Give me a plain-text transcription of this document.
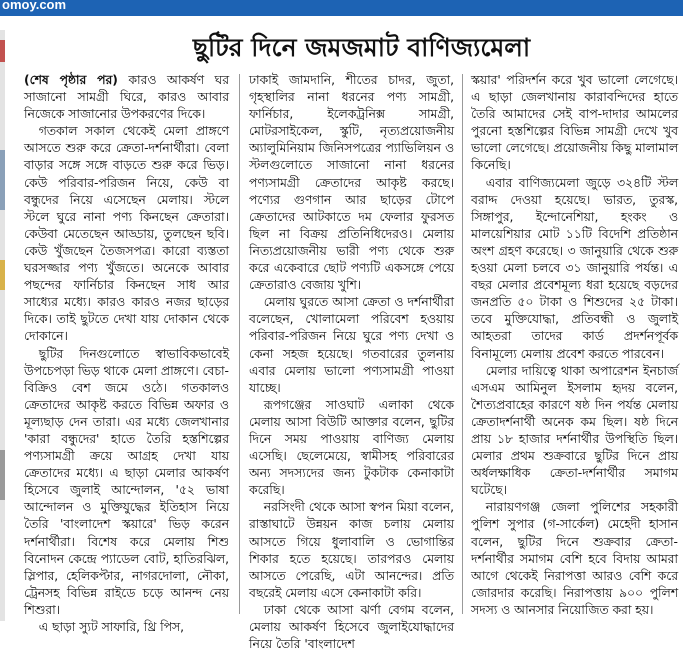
omoy.com
ছুটির দিনে জমজমাট বাণিজ্যমেলা

(শেষ পৃষ্ঠার পর) কারও আকর্ষণ ঘর সাজানো সামগ্রী ঘিরে, কারও আবার নিজেকে সাজানোর উপকরণের দিকে।

গতকাল সকাল থেকেই মেলা প্রাঙ্গণে আসতে শুরু করে ক্রেতা-দর্শনার্থীরা। বেলা বাড়ার সঙ্গে সঙ্গে বাড়তে শুরু করে ভিড়। কেউ পরিবার-পরিজন নিয়ে, কেউ বা বন্ধুদের নিয়ে এসেছেন মেলায়। স্টলে স্টলে ঘুরে নানা পণ্য কিনছেন ক্রেতারা। কেউবা মেতেছেন আড্ডায়, তুলছেন ছবি। কেউ খুঁজছেন তৈজসপত্র। কারো ব্যস্ততা ঘরসজ্জার পণ্য খুঁজতে। অনেকে আবার পছন্দের ফার্নিচার কিনছেন সাধ আর সাধ্যের মধ্যে। কারও কারও নজর ছাড়ের দিকে। তাই ছুটতে দেখা যায় দোকান থেকে দোকানে।

ছুটির দিনগুলোতে স্বাভাবিকভাবেই উপচেপড়া ভিড় থাকে মেলা প্রাঙ্গণে। বেচা-বিক্রিও বেশ জমে ওঠে। গতকালও ক্রেতাদের আকৃষ্ট করতে বিভিন্ন অফার ও মূল্যছাড় দেন তারা। এর মধ্যে জেলখানার 'কারা বন্ধুদের' হাতে তৈরি হস্তশিল্পের পণ্যসামগ্রী ক্রয়ে আগ্রহ দেখা যায় ক্রেতাদের মধ্যে। এ ছাড়া মেলার আকর্ষণ হিসেবে জুলাই আন্দোলন, '৫২ ভাষা আন্দোলন ও মুক্তিযুদ্ধের ইতিহাস নিয়ে তৈরি 'বাংলাদেশ স্কয়ারে' ভিড় করেন দর্শনার্থীরা। বিশেষ করে মেলায় শিশু বিনোদন কেন্দ্রে প্যাডেল বোট, হাতিরঝিল, স্লিপার, হেলিকপ্টার, নাগরদোলা, নৌকা, ট্রেনসহ বিভিন্ন রাইডে চড়ে আনন্দ নেয় শিশুরা।

এ ছাড়া স্যুট সাফারি, থ্রি পিস,

ঢাকাই জামদানি, শীতের চাদর, জুতা, গৃহস্থালির নানা ধরনের পণ্য সামগ্রী, ফার্নিচার, ইলেকট্রনিক্স সামগ্রী, মোটরসাইকেল, স্কুটি, নৃত্যপ্রয়োজনীয় অ্যালুমিনিয়াম জিনিসপত্রের প্যাভিলিয়ন ও স্টলগুলোতে সাজানো নানা ধরনের পণ্যসামগ্রী ক্রেতাদের আকৃষ্ট করছে। পণ্যের গুণগান আর ছাড়ের টোপে ক্রেতাদের আটকাতে দম ফেলার ফুরসত ছিল না বিক্রয় প্রতিনিধিদেরও। মেলায় নিত্যপ্রয়োজনীয় ভারী পণ্য থেকে শুরু করে একেবারে ছোট পণ্যটি একসঙ্গে পেয়ে ক্রেতারাও বেজায় খুশি।

মেলায় ঘুরতে আসা ক্রেতা ও দর্শনার্থীরা বলেছেন, খোলামেলা পরিবেশ হওয়ায় পরিবার-পরিজন নিয়ে ঘুরে পণ্য দেখা ও কেনা সহজ হয়েছে। গতবারের তুলনায় এবার মেলায় ভালো পণ্যসামগ্রী পাওয়া যাচ্ছে।

রূপগঞ্জের সাওঘাট এলাকা থেকে মেলায় আসা বিউটি আক্তার বলেন, ছুটির দিনে সময় পাওয়ায় বাণিজ্য মেলায় এসেছি। ছেলেমেয়ে, স্বামীসহ পরিবারের অন্য সদস্যদের জন্য টুকটাক কেনাকাটা করেছি।

নরসিংদী থেকে আসা স্বপন মিয়া বলেন, রাস্তাঘাটে উন্নয়ন কাজ চলায় মেলায় আসতে গিয়ে ধুলাবালি ও ভোগান্তির শিকার হতে হয়েছে। তারপরও মেলায় আসতে পেরেছি, এটা আনন্দের। প্রতি বছরেই মেলায় এসে কেনাকাটা করি।

ঢাকা থেকে আসা ঝর্ণা বেগম বলেন, মেলায় আকর্ষণ হিসেবে জুলাইযোদ্ধাদের নিয়ে তৈরি 'বাংলাদেশ

স্কয়ার' পরিদর্শন করে খুব ভালো লেগেছে। এ ছাড়া জেলখানায় কারাবন্দিদের হাতে তৈরি আমাদের সেই বাপ-দাদার আমলের পুরনো হস্তশিল্পের বিভিন্ন সামগ্রী দেখে খুব ভালো লেগেছে। প্রয়োজনীয় কিছু মালামাল কিনেছি।

এবার বাণিজ্যমেলা জুড়ে ৩২৪টি স্টল বরাদ্দ দেওয়া হয়েছে। ভারত, তুরস্ক, সিঙ্গাপুর, ইন্দোনেশিয়া, হংকং ও মালয়েশিয়ার মোট ১১টি বিদেশি প্রতিষ্ঠান অংশ গ্রহণ করেছে। ৩ জানুয়ারি থেকে শুরু হওয়া মেলা চলবে ৩১ জানুয়ারি পর্যন্ত। এ বছর মেলার প্রবেশমূল্য ধরা হয়েছে বড়দের জনপ্রতি ৫০ টাকা ও শিশুদের ২৫ টাকা। তবে মুক্তিযোদ্ধা, প্রতিবন্ধী ও জুলাই আহতরা তাদের কার্ড প্রদর্শনপূর্বক বিনামূল্যে মেলায় প্রবেশ করতে পারবেন।

মেলার দায়িত্বে থাকা অপারেশন ইনচার্জ এসএম আমিনুল ইসলাম হৃদয় বলেন, শৈত্যপ্রবাহের কারণে ষষ্ঠ দিন পর্যন্ত মেলায় ক্রেতাদর্শনার্থী অনেক কম ছিল। ষষ্ঠ দিনে প্রায় ১৮ হাজার দর্শনার্থীর উপস্থিতি ছিল। মেলার প্রথম শুক্রবারে ছুটির দিনে প্রায় অর্ধলক্ষাধিক ক্রেতা-দর্শনার্থীর সমাগম ঘটেছে।

নারায়ণগঞ্জ জেলা পুলিশের সহকারী পুলিশ সুপার (গ-সার্কেল) মেহেদী হাসান বলেন, ছুটির দিনে শুক্রবার ক্রেতা-দর্শনার্থীর সমাগম বেশি হবে বিদায় আমরা আগে থেকেই নিরাপত্তা আরও বেশি করে জোরদার করেছি। নিরাপত্তায় ৯০০ পুলিশ সদস্য ও আনসার নিয়োজিত করা হয়।
